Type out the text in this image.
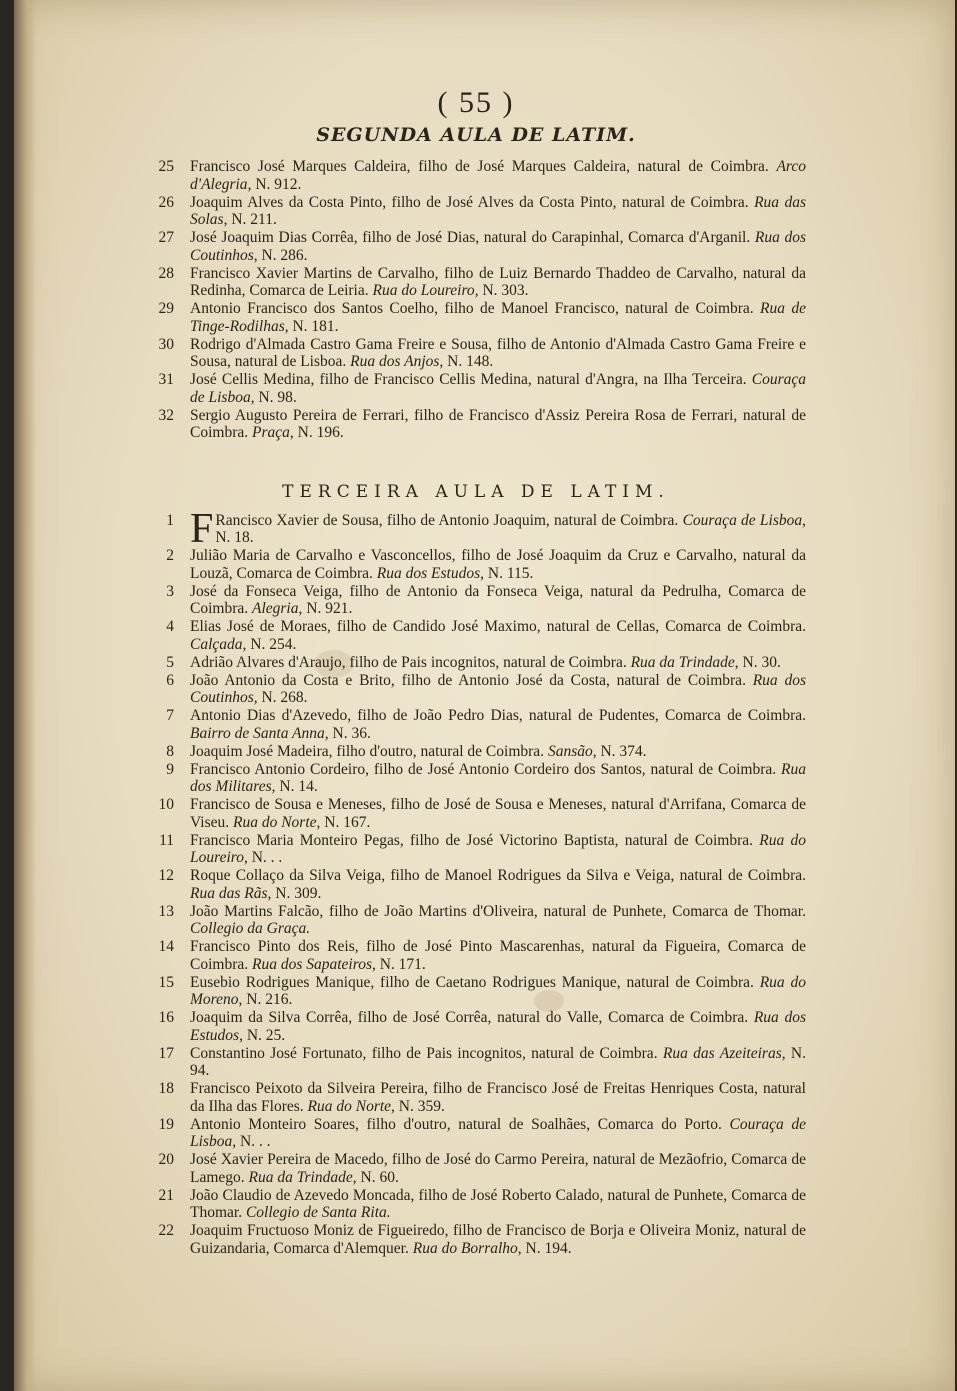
( 55 )
SEGUNDA AULA DE LATIM.
25	Francisco José Marques Caldeira, filho de José Marques Caldeira, natural de Coimbra. Arco d'Alegria, N. 912.
26	Joaquim Alves da Costa Pinto, filho de José Alves da Costa Pinto, natural de Coimbra. Rua das Solas, N. 211.
27	José Joaquim Dias Corrêa, filho de José Dias, natural do Carapinhal, Comarca d'Arganil. Rua dos Coutinhos, N. 286.
28	Francisco Xavier Martins de Carvalho, filho de Luiz Bernardo Thaddeo de Carvalho, natural da Redinha, Comarca de Leiria. Rua do Loureiro, N. 303.
29	Antonio Francisco dos Santos Coelho, filho de Manoel Francisco, natural de Coimbra. Rua de Tinge-Rodilhas, N. 181.
30	Rodrigo d'Almada Castro Gama Freire e Sousa, filho de Antonio d'Almada Castro Gama Freire e Sousa, natural de Lisboa. Rua dos Anjos, N. 148.
31	José Cellis Medina, filho de Francisco Cellis Medina, natural d'Angra, na Ilha Terceira. Couraça de Lisboa, N. 98.
32	Sergio Augusto Pereira de Ferrari, filho de Francisco d'Assiz Pereira Rosa de Ferrari, natural de Coimbra. Praça, N. 196.
TERCEIRA AULA DE LATIM.
1 F Rancisco Xavier de Sousa, filho de Antonio Joaquim, natural de Coimbra. Couraça de Lisboa, N. 18.
2	Julião Maria de Carvalho e Vasconcellos, filho de José Joaquim da Cruz e Carvalho, natural da Louzã, Comarca de Coimbra. Rua dos Estudos, N. 115.
3	José da Fonseca Veiga, filho de Antonio da Fonseca Veiga, natural da Pedrulha, Comarca de Coimbra. Alegria, N. 921.
4	Elias José de Moraes, filho de Candido José Maximo, natural de Cellas, Comarca de Coimbra. Calçada, N. 254.
5	Adrião Alvares d'Araujo, filho de Pais incognitos, natural de Coimbra. Rua da Trindade, N. 30.
6	João Antonio da Costa e Brito, filho de Antonio José da Costa, natural de Coimbra. Rua dos Coutinhos, N. 268.
7	Antonio Dias d'Azevedo, filho de João Pedro Dias, natural de Pudentes, Comarca de Coimbra. Bairro de Santa Anna, N. 36.
8	Joaquim José Madeira, filho d'outro, natural de Coimbra. Sansão, N. 374.
9	Francisco Antonio Cordeiro, filho de José Antonio Cordeiro dos Santos, natural de Coimbra. Rua dos Militares, N. 14.
10	Francisco de Sousa e Meneses, filho de José de Sousa e Meneses, natural d'Arrifana, Comarca de Viseu. Rua do Norte, N. 167.
11	Francisco Maria Monteiro Pegas, filho de José Victorino Baptista, natural de Coimbra. Rua do Loureiro, N. . .
12	Roque Collaço da Silva Veiga, filho de Manoel Rodrigues da Silva e Veiga, natural de Coimbra. Rua das Rãs, N. 309.
13	João Martins Falcão, filho de João Martins d'Oliveira, natural de Punhete, Comarca de Thomar. Collegio da Graça.
14	Francisco Pinto dos Reis, filho de José Pinto Mascarenhas, natural da Figueira, Comarca de Coimbra. Rua dos Sapateiros, N. 171.
15	Eusebio Rodrigues Manique, filho de Caetano Rodrigues Manique, natural de Coimbra. Rua do Moreno, N. 216.
16	Joaquim da Silva Corrêa, filho de José Corrêa, natural do Valle, Comarca de Coimbra. Rua dos Estudos, N. 25.
17	Constantino José Fortunato, filho de Pais incognitos, natural de Coimbra. Rua das Azeiteiras, N. 94.
18	Francisco Peixoto da Silveira Pereira, filho de Francisco José de Freitas Henriques Costa, natural da Ilha das Flores. Rua do Norte, N. 359.
19	Antonio Monteiro Soares, filho d'outro, natural de Soalhães, Comarca do Porto. Couraça de Lisboa, N. . .
20	José Xavier Pereira de Macedo, filho de José do Carmo Pereira, natural de Mezãofrio, Comarca de Lamego. Rua da Trindade, N. 60.
21	João Claudio de Azevedo Moncada, filho de José Roberto Calado, natural de Punhete, Comarca de Thomar. Collegio de Santa Rita.
22	Joaquim Fructuoso Moniz de Figueiredo, filho de Francisco de Borja e Oliveira Moniz, natural de Guizandaria, Comarca d'Alemquer. Rua do Borralho, N. 194.
